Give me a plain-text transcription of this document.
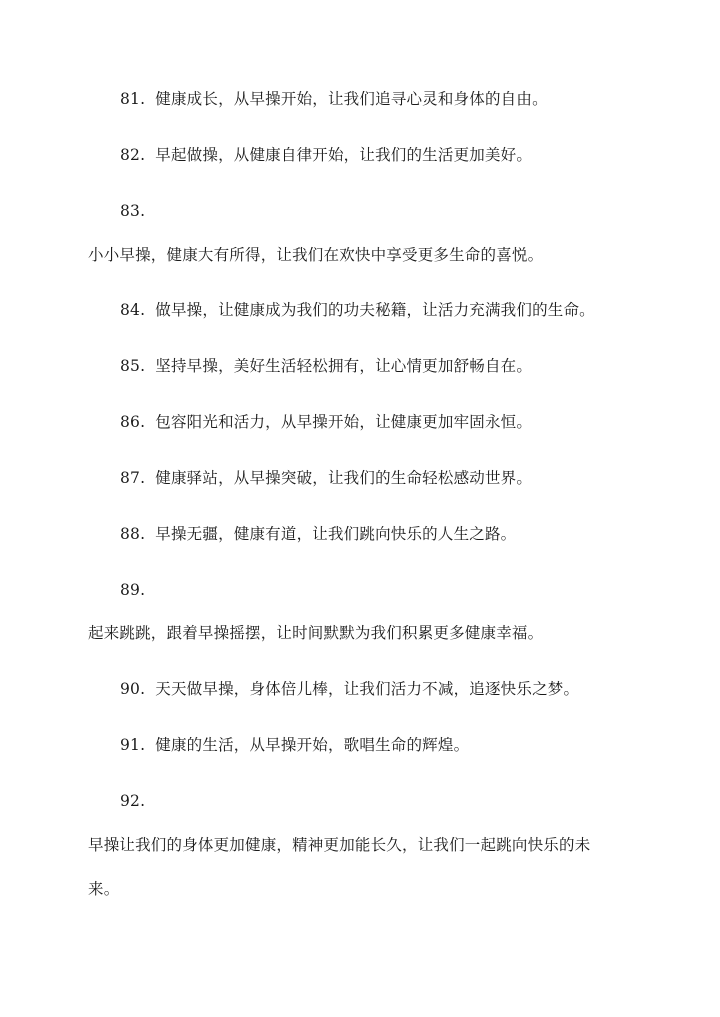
81. 健康成长，从早操开始，让我们追寻心灵和身体的自由。
82. 早起做操，从健康自律开始，让我们的生活更加美好。
83.
小小早操，健康大有所得，让我们在欢快中享受更多生命的喜悦。
84. 做早操，让健康成为我们的功夫秘籍，让活力充满我们的生命。
85. 坚持早操，美好生活轻松拥有，让心情更加舒畅自在。
86. 包容阳光和活力，从早操开始，让健康更加牢固永恒。
87. 健康驿站，从早操突破，让我们的生命轻松感动世界。
88. 早操无疆，健康有道，让我们跳向快乐的人生之路。
89.
起来跳跳，跟着早操摇摆，让时间默默为我们积累更多健康幸福。
90. 天天做早操，身体倍儿棒，让我们活力不减，追逐快乐之梦。
91. 健康的生活，从早操开始，歌唱生命的辉煌。
92.
早操让我们的身体更加健康，精神更加能长久，让我们一起跳向快乐的未
来。
